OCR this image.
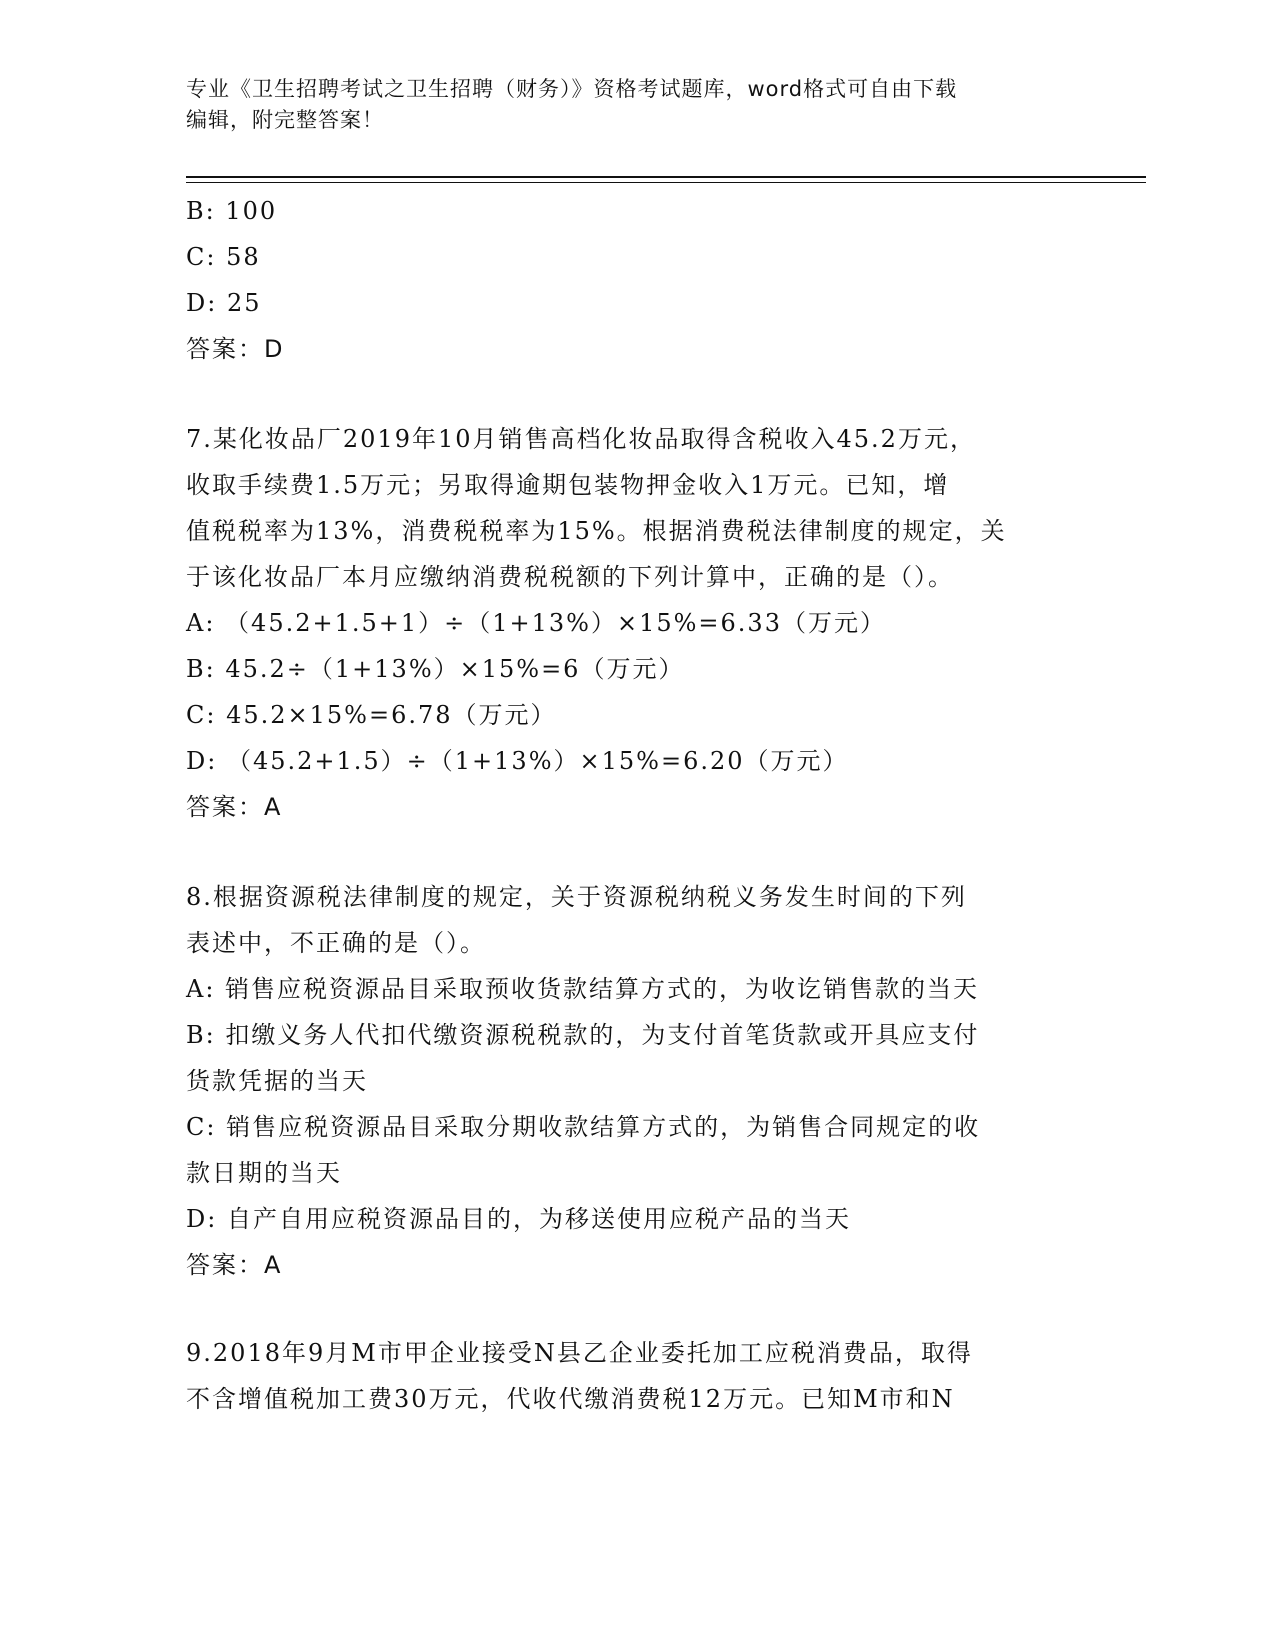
专业《卫生招聘考试之卫生招聘（财务）》资格考试题库，word格式可自由下载
编辑，附完整答案！
B: 100
C: 58
D: 25
答案：D
7.某化妆品厂2019年10月销售高档化妆品取得含税收入45.2万元，
收取手续费1.5万元；另取得逾期包装物押金收入1万元。已知，增
值税税率为13%，消费税税率为15%。根据消费税法律制度的规定，关
于该化妆品厂本月应缴纳消费税税额的下列计算中，正确的是（）。
A: （45.2+1.5+1）÷（1+13%）×15%=6.33（万元）
B: 45.2÷（1+13%）×15%=6（万元）
C: 45.2×15%=6.78（万元）
D: （45.2+1.5）÷（1+13%）×15%=6.20（万元）
答案：A
8.根据资源税法律制度的规定，关于资源税纳税义务发生时间的下列
表述中，不正确的是（）。
A: 销售应税资源品目采取预收货款结算方式的，为收讫销售款的当天
B: 扣缴义务人代扣代缴资源税税款的，为支付首笔货款或开具应支付
货款凭据的当天
C: 销售应税资源品目采取分期收款结算方式的，为销售合同规定的收
款日期的当天
D: 自产自用应税资源品目的，为移送使用应税产品的当天
答案：A
9.2018年9月M市甲企业接受N县乙企业委托加工应税消费品，取得
不含增值税加工费30万元，代收代缴消费税12万元。已知M市和N
